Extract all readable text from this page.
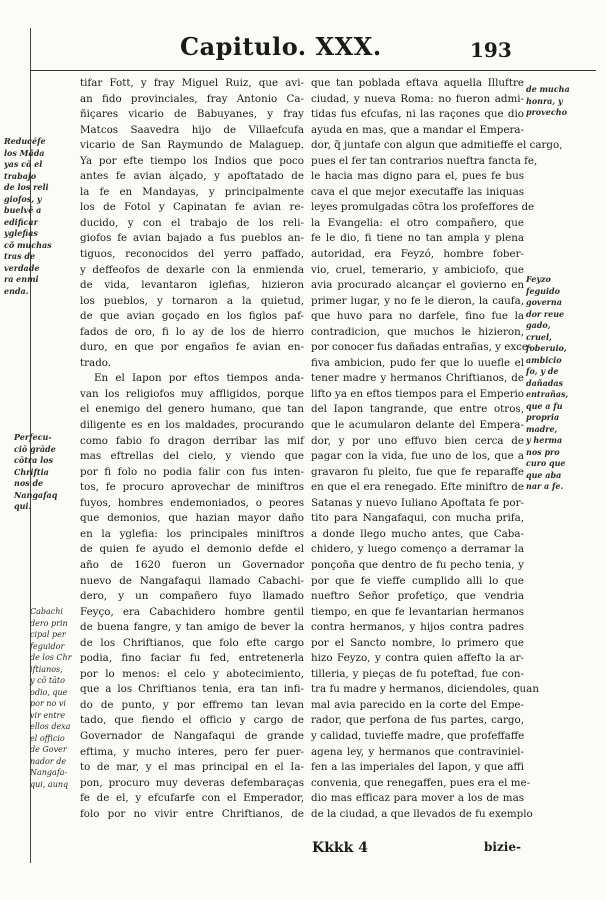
Capitulo. XXX.	193
Reducéfe
los Mãda
yas cō el
trabajo
de los reli
giofos, y
buelvē a
edificar
yglefias
cõ muchas
tras de
verdade
ra enmi
enda.
Perfecu-
ciō grāde
cōtra los
Chriftia
nos de
Nangafaq
qui.
Cabachi
dero prin
cipal per
feguidor
de los Chr
iftianos,
y cō tāto
odio, que
por no vi
vir entre
ellos dexa
el officio
de Gover
nador de
Nangafa-
qui, aunq
de mucha
honra, y
provecho
Feyzo
feguido
governa
dor reue
gado,
cruel,
foberuio,
ambicio
fo, y de
dañadas
entrañas,
que a fu
propria
madre,
y herma
nos pro
curo que
que aba
nar a fe.
tifar Fott, y fray Miguel Ruiz, que avi-
an fido provinciales, fray Antonio Ca-
ñiçares vicario de Babuyanes, y fray
Matcos Saavedra hijo de Villaefcufa
vicario de San Raymundo de Malaguep.
Ya por efte tiempo los Indios que poco
antes fe avian alçado, y apoftatado de
la fe en Mandayas, y principalmente
los de Fotol y Capinatan fe avian re-
ducido, y con el trabajo de los reli-
giofos fe avian bajado a fus pueblos an-
tiguos, reconocidos del yerro paffado,
y deffeofos de dexarle con la enmienda
de vida, levantaron iglefias, hizieron
los pueblos, y tornaron a la quietud,
de que avian goçado en los figlos paf-
fados de oro, fi lo ay de los de hierro
duro, en que por engaños fe avian en-
trado.
En el Iapon por eftos tiempos anda-
van los religiofos muy affligidos, porque
el enemigo del genero humano, que tan
diligente es en los maldades, procurando
como fabio fo dragon derribar las mif
mas eftrellas del cielo, y viendo que
por fi folo no podia falir con fus inten-
tos, fe procuro aprovechar de miniftros
fuyos, hombres endemoniados, o peores
que demonios, que hazian mayor daño
en la yglefia: los principales miniftros
de quien fe ayudo el demonio defde el
año de 1620 fueron un Governador
nuevo de Nangafaqui llamado Cabachi-
dero, y un compañero fuyo llamado
Feyço, era Cabachidero hombre gentil
de buena fangre, y tan amigo de bever la
de los Chriftianos, que folo efte cargo
podia, fino faciar fu fed, entretenerla
por lo menos: el celo y abotecimiento,
que a los Chriftianos tenia, era tan infi-
do de punto, y por effremo tan levan
tado, que fiendo el officio y cargo de
Governador de Nangafaqui de grande
eftima, y mucho interes, pero fer puer-
to de mar, y el mas principal en el Ia-
pon, procuro muy deveras defembaraças
fe de el, y efcufarfe con el Emperador,
folo por no vivir entre Chriftianos, de
que tan poblada eftava aquella Illuftre
ciudad, y nueva Roma: no fueron admi-
tidas fus efcufas, ni las raçones que dio
ayuda en mas, que a mandar el Empera-
dor, q̃ juntafe con algun que admitieffe el cargo,
pues el fer tan contrarios nueftra fancta fe,
le hacia mas digno para el, pues fe bus
cava el que mejor executaffe las iniquas
leyes promulgadas cõtra los profeffores de
la Evangelia: el otro compañero, que
fe le dio, fi tiene no tan ampla y plena
autoridad, era Feyzó, hombre fober-
vio, cruel, temerario, y ambiciofo, que
avia procurado alcançar el govierno en
primer lugar, y no fe le dieron, la caufa,
que huvo para no darfele, fino fue la
contradicion, que muchos le hizieron,
por conocer fus dañadas entrañas, y exce-
fiva ambicion, pudo fer que lo uuefle el
tener madre y hermanos Chriftianos, de
lifto ya en eftos tiempos para el Emperio
del Iapon tangrande, que entre otros,
que le acumularon delante del Empera-
dor, y por uno effuvo bien cerca de
pagar con la vida, fue uno de los, que a
gravaron fu pleito, fue que fe reparaffe
en que el era renegado. Efte miniftro de
Satanas y nuevo Iuliano Apoftata fe por-
tito para Nangafaqui, con mucha prifa,
a donde llego mucho antes, que Caba-
chidero, y luego començo a derramar la
ponçoña que dentro de fu pecho tenia, y
por que fe vieffe cumplido alli lo que
nueftro Señor profetiço, que vendria
tiempo, en que fe levantarian hermanos
contra hermanos, y hijos contra padres
por el Sancto nombre, lo primero que
hizo Feyzo, y contra quien affefto la ar-
tilleria, y pieças de fu poteftad, fue con-
tra fu madre y hermanos, diciendoles, quan
mal avia parecido en la corte del Empe-
rador, que perfona de fus partes, cargo,
y calidad, tuvieffe madre, que profeffaffe
agena ley, y hermanos que contraviniel-
fen a las imperiales del Iapon, y que affi
convenia, que renegaffen, pues era el me-
dio mas efficaz para mover a los de mas
de la ciudad, a que llevados de fu exemplo
Kkkk 4	bizie-
